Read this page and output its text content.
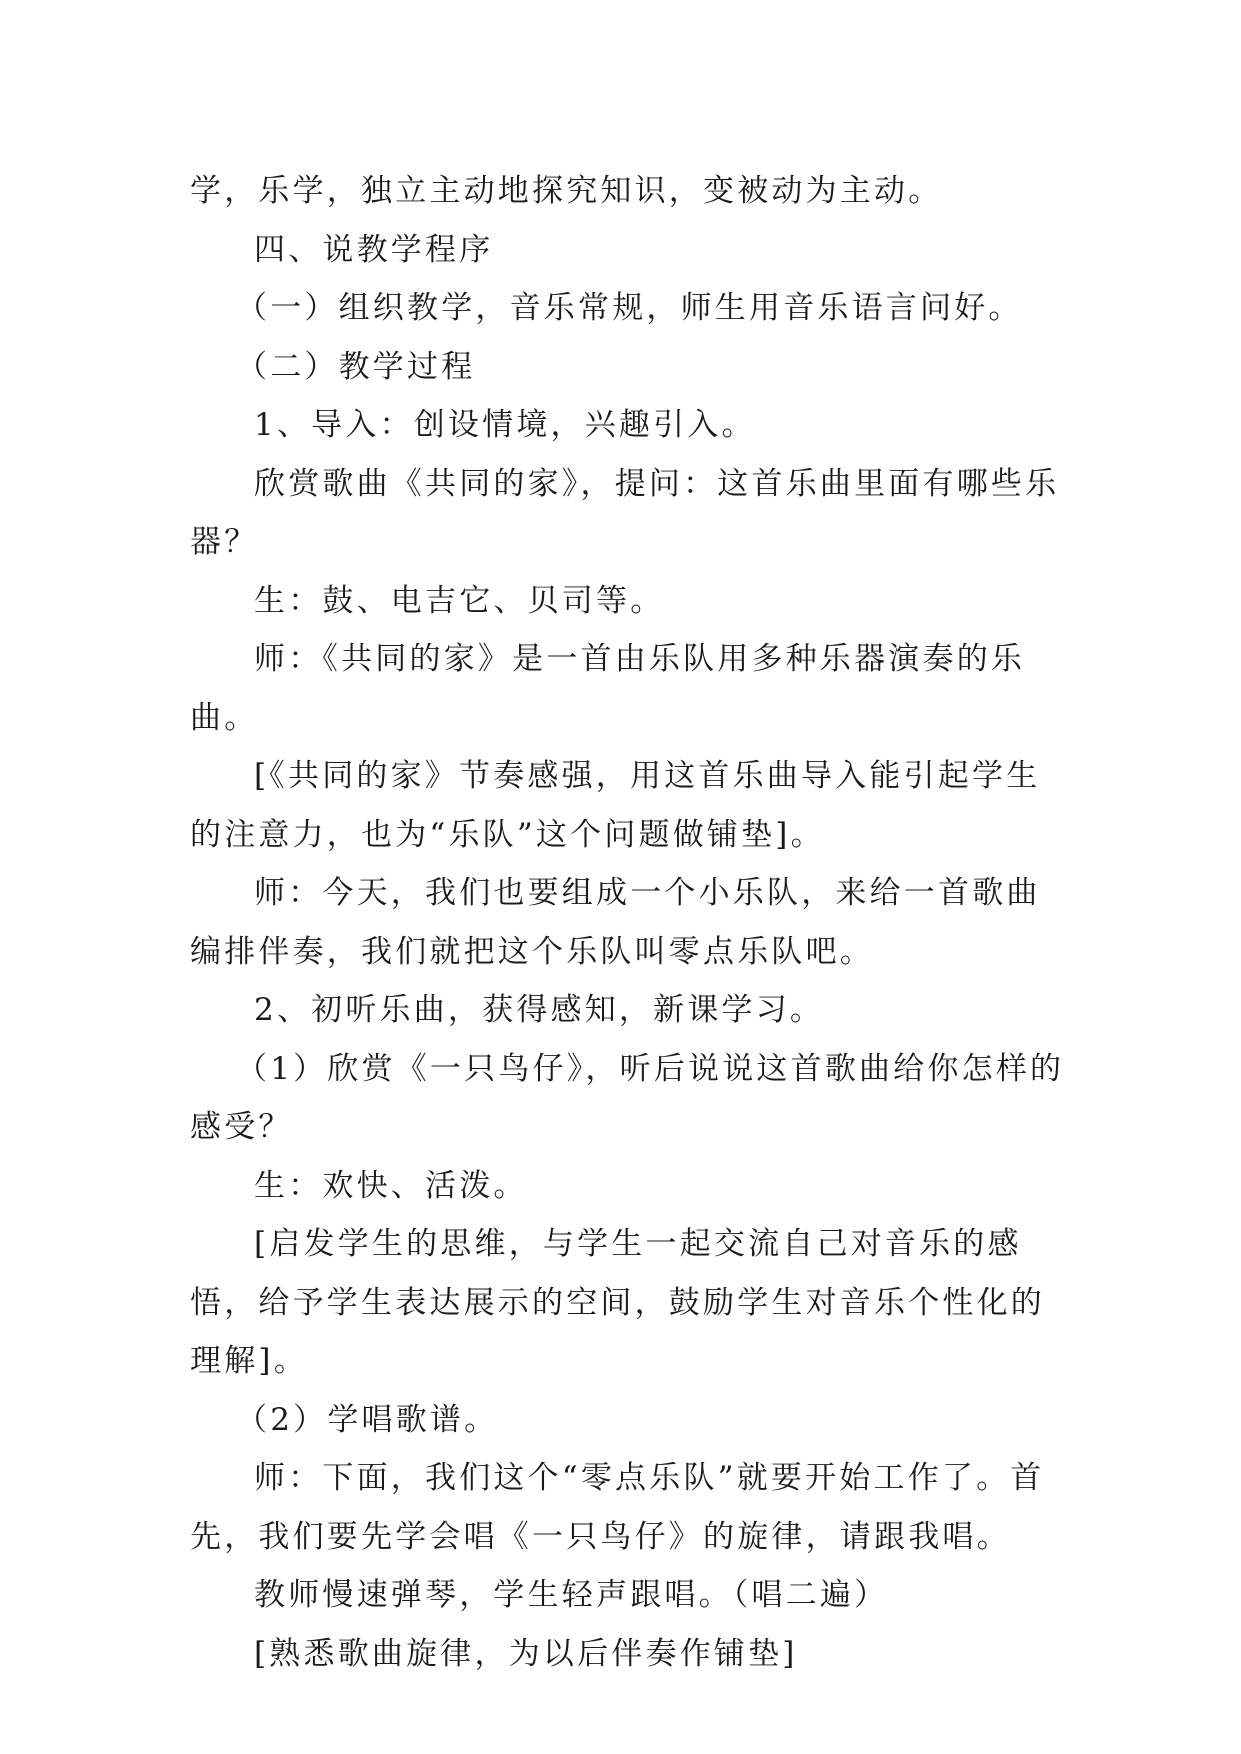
学，乐学，独立主动地探究知识，变被动为主动。

四、说教学程序

（一）组织教学，音乐常规，师生用音乐语言问好。

（二）教学过程

1、导入：创设情境，兴趣引入。

欣赏歌曲《共同的家》，提问：这首乐曲里面有哪些乐器？

生：鼓、电吉它、贝司等。

师：《共同的家》是一首由乐队用多种乐器演奏的乐曲。

[《共同的家》节奏感强，用这首乐曲导入能引起学生的注意力，也为“乐队”这个问题做铺垫]。

师：今天，我们也要组成一个小乐队，来给一首歌曲编排伴奏，我们就把这个乐队叫零点乐队吧。

2、初听乐曲，获得感知，新课学习。

（1）欣赏《一只鸟仔》，听后说说这首歌曲给你怎样的感受？

生：欢快、活泼。

[启发学生的思维，与学生一起交流自己对音乐的感悟，给予学生表达展示的空间，鼓励学生对音乐个性化的理解]。

（2）学唱歌谱。

师：下面，我们这个“零点乐队”就要开始工作了。首先，我们要先学会唱《一只鸟仔》的旋律，请跟我唱。

教师慢速弹琴，学生轻声跟唱。（唱二遍）

[熟悉歌曲旋律，为以后伴奏作铺垫]
